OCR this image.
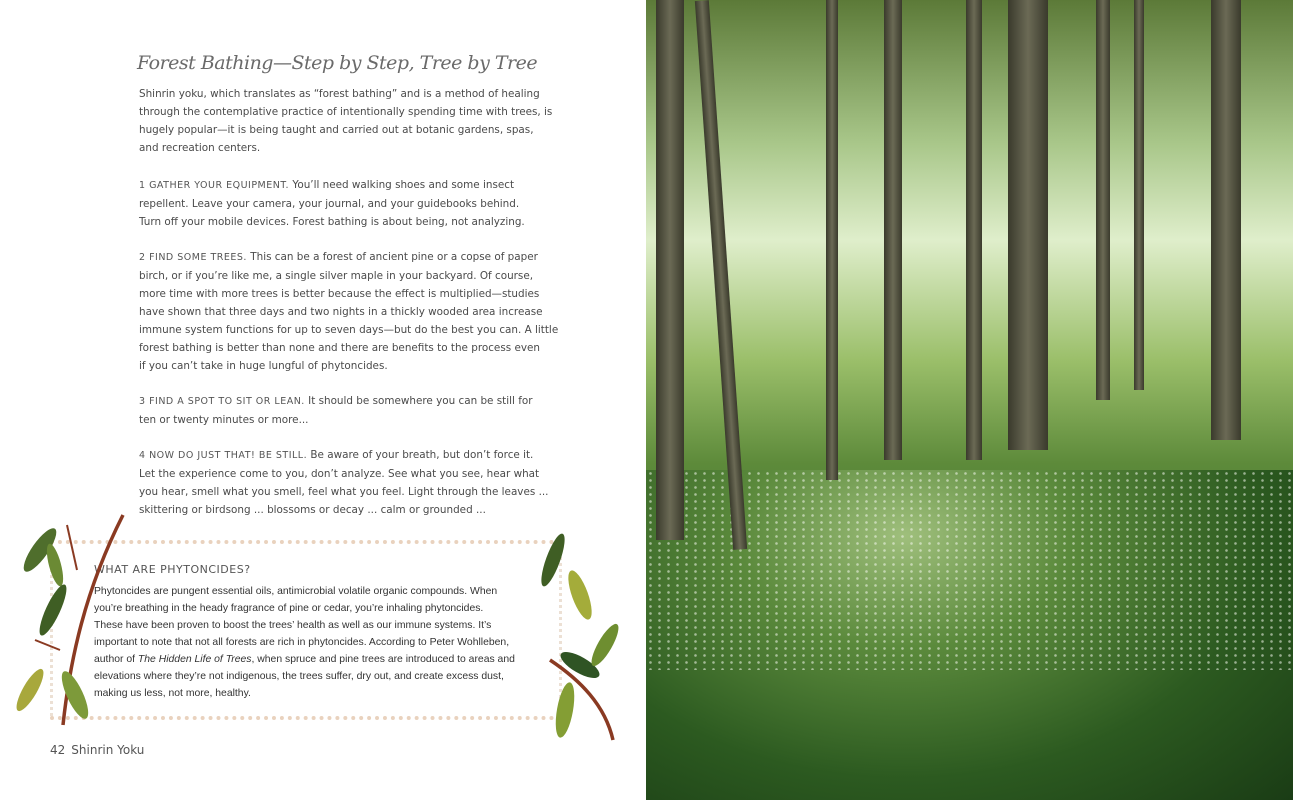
Forest Bathing—Step by Step, Tree by Tree
Shinrin yoku, which translates as “forest bathing” and is a method of healing
through the contemplative practice of intentionally spending time with trees, is
hugely popular—it is being taught and carried out at botanic gardens, spas,
and recreation centers.
1 GATHER YOUR EQUIPMENT. You’ll need walking shoes and some insect
repellent. Leave your camera, your journal, and your guidebooks behind.
Turn off your mobile devices. Forest bathing is about being, not analyzing.
2 FIND SOME TREES. This can be a forest of ancient pine or a copse of paper
birch, or if you’re like me, a single silver maple in your backyard. Of course,
more time with more trees is better because the effect is multiplied—studies
have shown that three days and two nights in a thickly wooded area increase
immune system functions for up to seven days—but do the best you can. A little
forest bathing is better than none and there are benefits to the process even
if you can’t take in huge lungful of phytoncides.
3 FIND A SPOT TO SIT OR LEAN. It should be somewhere you can be still for
ten or twenty minutes or more...
4 NOW DO JUST THAT! BE STILL. Be aware of your breath, but don’t force it.
Let the experience come to you, don’t analyze. See what you see, hear what
you hear, smell what you smell, feel what you feel. Light through the leaves ...
skittering or birdsong ... blossoms or decay ... calm or grounded ...
WHAT ARE PHYTONCIDES?
Phytoncides are pungent essential oils, antimicrobial volatile organic compounds. When
you’re breathing in the heady fragrance of pine or cedar, you’re inhaling phytoncides.
These have been proven to boost the trees’ health as well as our immune systems. It’s
important to note that not all forests are rich in phytoncides. According to Peter Wohlleben,
author of The Hidden Life of Trees, when spruce and pine trees are introduced to areas and
elevations where they’re not indigenous, the trees suffer, dry out, and create excess dust,
making us less, not more, healthy.
42 Shinrin Yoku
